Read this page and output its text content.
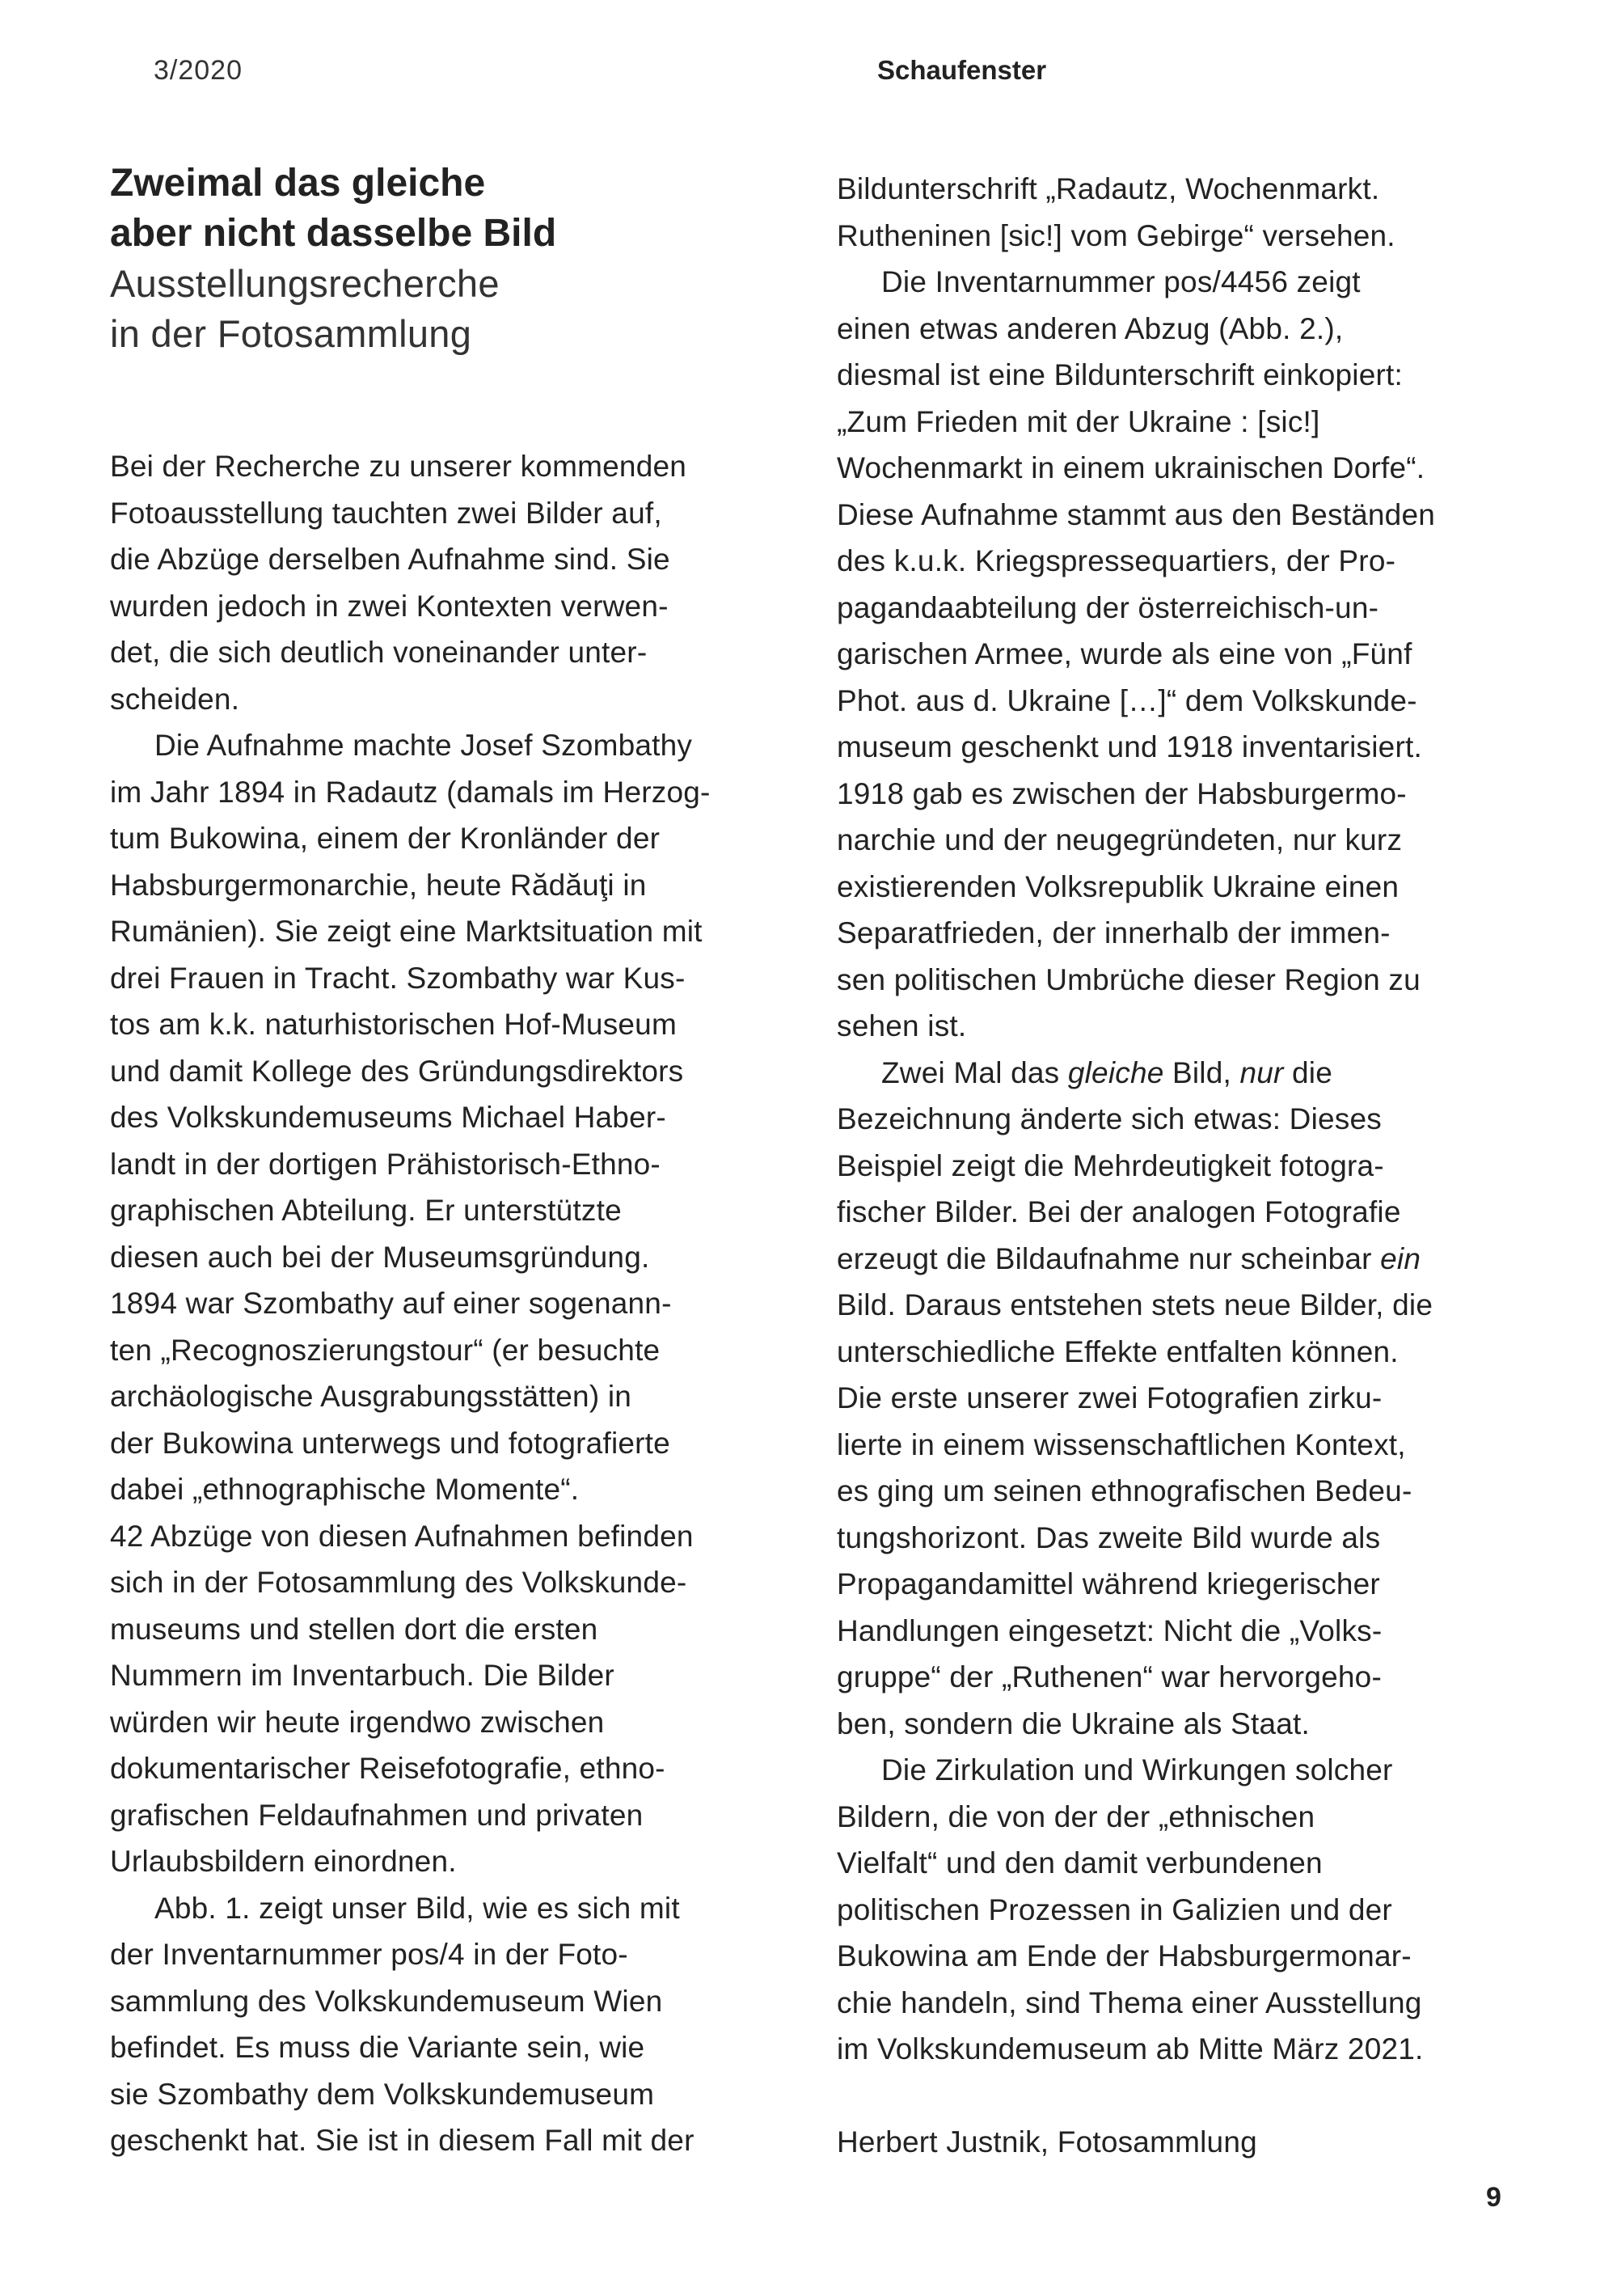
3/2020	Schaufenster
Zweimal das gleiche
aber nicht dasselbe Bild
Ausstellungsrecherche
in der Fotosammlung
Bei der Recherche zu unserer kommenden
Fotoausstellung tauchten zwei Bilder auf,
die Abzüge derselben Aufnahme sind. Sie
wurden jedoch in zwei Kontexten verwen-
det, die sich deutlich voneinander unter-
scheiden.
Die Aufnahme machte Josef Szombathy
im Jahr 1894 in Radautz (damals im Herzog-
tum Bukowina, einem der Kronländer der
Habsburgermonarchie, heute Rădăuţi in
Rumänien). Sie zeigt eine Marktsituation mit
drei Frauen in Tracht. Szombathy war Kus-
tos am k.k. naturhistorischen Hof-Museum
und damit Kollege des Gründungsdirektors
des Volkskundemuseums Michael Haber-
landt in der dortigen Prähistorisch-Ethno-
graphischen Abteilung. Er unterstützte
diesen auch bei der Museumsgründung.
1894 war Szombathy auf einer sogenann-
ten „Recognoszierungstour“ (er besuchte
archäologische Ausgrabungsstätten) in
der Bukowina unterwegs und fotografierte
dabei „ethnographische Momente“.
42 Abzüge von diesen Aufnahmen befinden
sich in der Fotosammlung des Volkskunde-
museums und stellen dort die ersten
Nummern im Inventarbuch. Die Bilder
würden wir heute irgendwo zwischen
dokumentarischer Reisefotografie, ethno-
grafischen Feldaufnahmen und privaten
Urlaubsbildern einordnen.
Abb. 1. zeigt unser Bild, wie es sich mit
der Inventarnummer pos/4 in der Foto-
sammlung des Volkskundemuseum Wien
befindet. Es muss die Variante sein, wie
sie Szombathy dem Volkskundemuseum
geschenkt hat. Sie ist in diesem Fall mit der
Bildunterschrift „Radautz, Wochenmarkt.
Rutheninen [sic!] vom Gebirge“ versehen.
Die Inventarnummer pos/4456 zeigt
einen etwas anderen Abzug (Abb. 2.),
diesmal ist eine Bildunterschrift einkopiert:
„Zum Frieden mit der Ukraine : [sic!]
Wochenmarkt in einem ukrainischen Dorfe“.
Diese Aufnahme stammt aus den Beständen
des k.u.k. Kriegspressequartiers, der Pro-
pagandaabteilung der österreichisch-un-
garischen Armee, wurde als eine von „Fünf
Phot. aus d. Ukraine […]“ dem Volkskunde-
museum geschenkt und 1918 inventarisiert.
1918 gab es zwischen der Habsburgermo-
narchie und der neugegründeten, nur kurz
existierenden Volksrepublik Ukraine einen
Separatfrieden, der innerhalb der immen-
sen politischen Umbrüche dieser Region zu
sehen ist.
Zwei Mal das gleiche Bild, nur die
Bezeichnung änderte sich etwas: Dieses
Beispiel zeigt die Mehrdeutigkeit fotogra-
fischer Bilder. Bei der analogen Fotografie
erzeugt die Bildaufnahme nur scheinbar ein
Bild. Daraus entstehen stets neue Bilder, die
unterschiedliche Effekte entfalten können.
Die erste unserer zwei Fotografien zirku-
lierte in einem wissenschaftlichen Kontext,
es ging um seinen ethnografischen Bedeu-
tungshorizont. Das zweite Bild wurde als
Propagandamittel während kriegerischer
Handlungen eingesetzt: Nicht die „Volks-
gruppe“ der „Ruthenen“ war hervorgeho-
ben, sondern die Ukraine als Staat.
Die Zirkulation und Wirkungen solcher
Bildern, die von der der „ethnischen
Vielfalt“ und den damit verbundenen
politischen Prozessen in Galizien und der
Bukowina am Ende der Habsburgermonar-
chie handeln, sind Thema einer Ausstellung
im Volkskundemuseum ab Mitte März 2021.
Herbert Justnik, Fotosammlung
9
